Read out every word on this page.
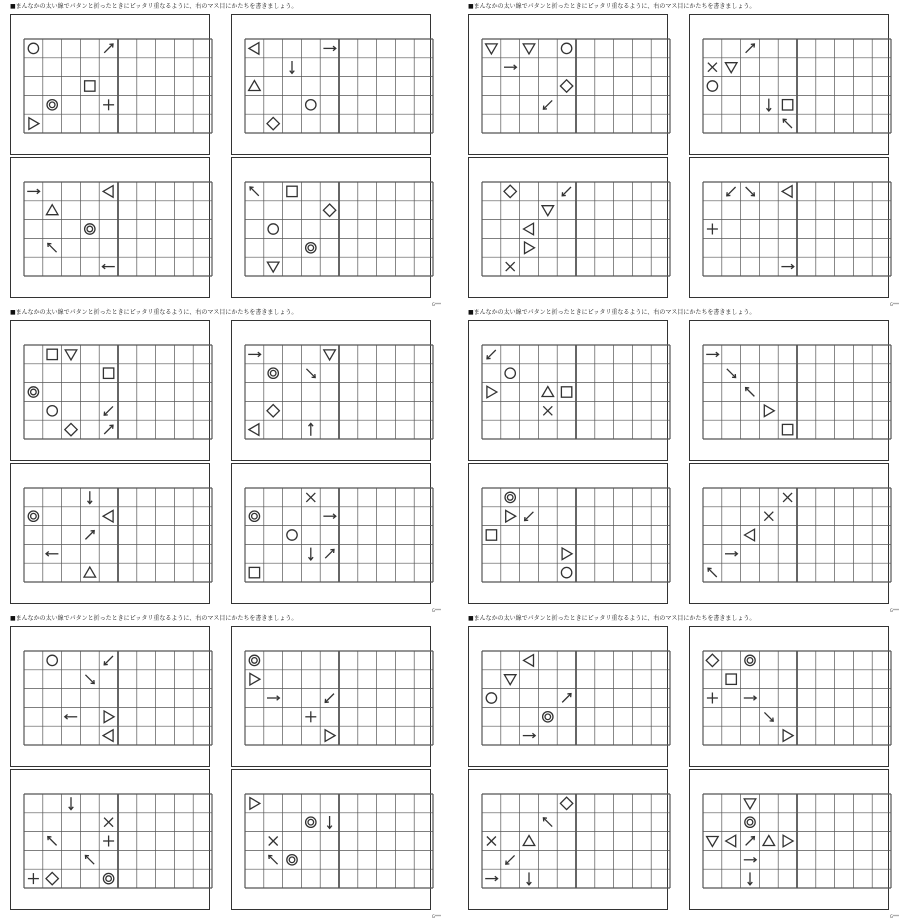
■まんなかの太い線でパタンと折ったときにピッタリ重なるように、右のマス目にかたちを書きましょう。
G***
■まんなかの太い線でパタンと折ったときにピッタリ重なるように、右のマス目にかたちを書きましょう。
G***
■まんなかの太い線でパタンと折ったときにピッタリ重なるように、右のマス目にかたちを書きましょう。
G***
■まんなかの太い線でパタンと折ったときにピッタリ重なるように、右のマス目にかたちを書きましょう。
G***
■まんなかの太い線でパタンと折ったときにピッタリ重なるように、右のマス目にかたちを書きましょう。
G***
■まんなかの太い線でパタンと折ったときにピッタリ重なるように、右のマス目にかたちを書きましょう。
G***
